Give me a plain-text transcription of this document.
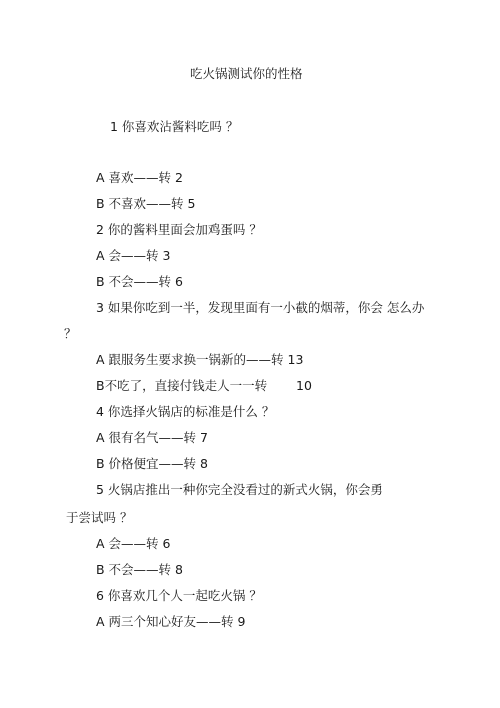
吃火锅测试你的性格
1 你喜欢沾酱料吃吗 ？
A 喜欢——转 2
B 不喜欢——转 5
2 你的酱料里面会加鸡蛋吗 ？
A 会——转 3
B 不会——转 6
3 如果你吃到一半，发现里面有一小截的烟蒂，你会 怎么办
？
A 跟服务生要求换一锅新的——转 13
B不吃了，直接付钱走人一一转 10
4 你选择火锅店的标准是什么 ？
A 很有名气——转 7
B 价格便宜——转 8
5 火锅店推出一种你完全没看过的新式火锅，你会勇
于尝试吗 ？
A 会——转 6
B 不会——转 8
6 你喜欢几个人一起吃火锅 ？
A 两三个知心好友——转 9
